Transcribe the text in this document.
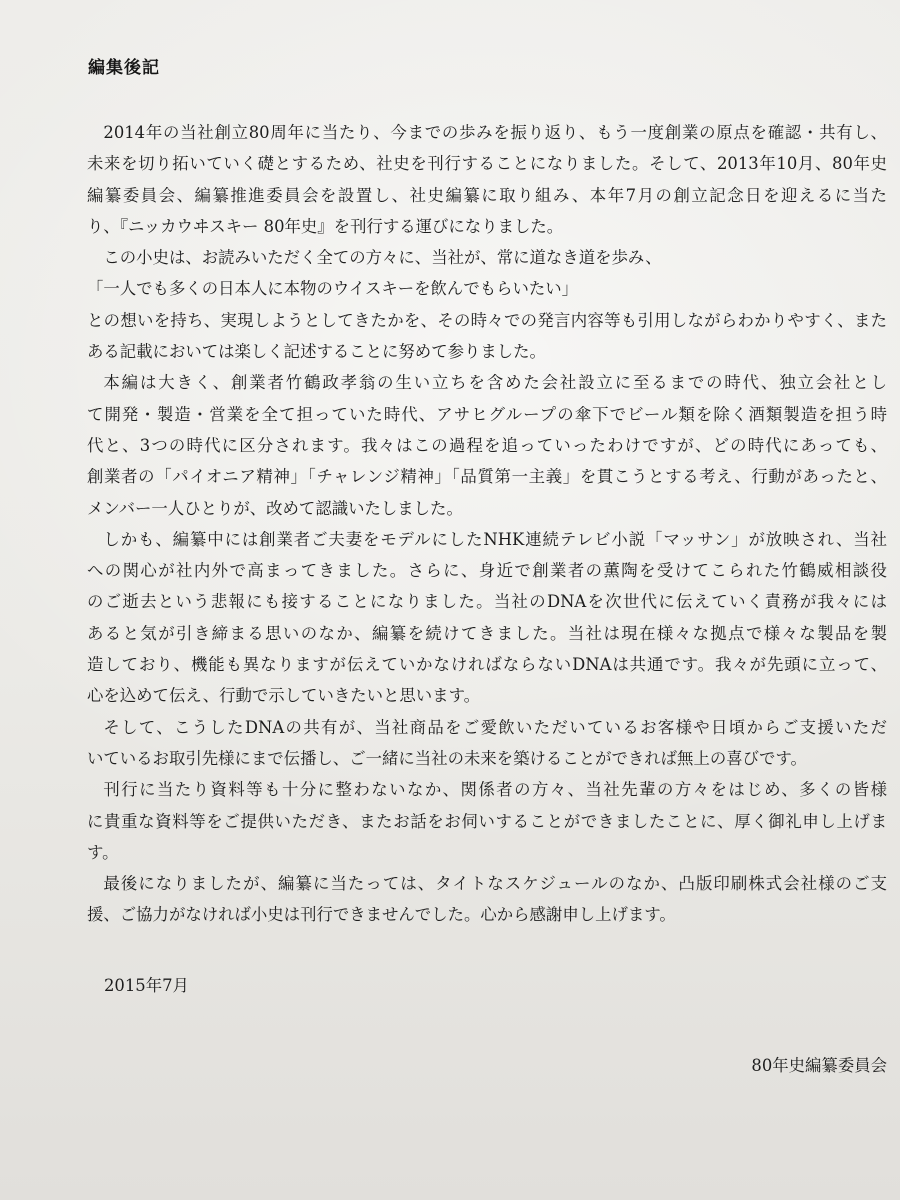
編集後記
2014年の当社創立80周年に当たり、今までの歩みを振り返り、もう一度創業の原点を確認・共有し、
未来を切り拓いていく礎とするため、社史を刊行することになりました。そして、2013年10月、80年史
編纂委員会、編纂推進委員会を設置し、社史編纂に取り組み、本年7月の創立記念日を迎えるに当た
り、『ニッカウヰスキー 80年史』を刊行する運びになりました。
この小史は、お読みいただく全ての方々に、当社が、常に道なき道を歩み、
「一人でも多くの日本人に本物のウイスキーを飲んでもらいたい」
との想いを持ち、実現しようとしてきたかを、その時々での発言内容等も引用しながらわかりやすく、また
ある記載においては楽しく記述することに努めて参りました。
本編は大きく、創業者竹鶴政孝翁の生い立ちを含めた会社設立に至るまでの時代、独立会社とし
て開発・製造・営業を全て担っていた時代、アサヒグループの傘下でビール類を除く酒類製造を担う時
代と、3つの時代に区分されます。我々はこの過程を追っていったわけですが、どの時代にあっても、
創業者の「パイオニア精神」「チャレンジ精神」「品質第一主義」を貫こうとする考え、行動があったと、
メンバー一人ひとりが、改めて認識いたしました。
しかも、編纂中には創業者ご夫妻をモデルにしたNHK連続テレビ小説「マッサン」が放映され、当社
への関心が社内外で高まってきました。さらに、身近で創業者の薫陶を受けてこられた竹鶴威相談役
のご逝去という悲報にも接することになりました。当社のDNAを次世代に伝えていく責務が我々には
あると気が引き締まる思いのなか、編纂を続けてきました。当社は現在様々な拠点で様々な製品を製
造しており、機能も異なりますが伝えていかなければならないDNAは共通です。我々が先頭に立って、
心を込めて伝え、行動で示していきたいと思います。
そして、こうしたDNAの共有が、当社商品をご愛飲いただいているお客様や日頃からご支援いただ
いているお取引先様にまで伝播し、ご一緒に当社の未来を築けることができれば無上の喜びです。
刊行に当たり資料等も十分に整わないなか、関係者の方々、当社先輩の方々をはじめ、多くの皆様
に貴重な資料等をご提供いただき、またお話をお伺いすることができましたことに、厚く御礼申し上げま
す。
最後になりましたが、編纂に当たっては、タイトなスケジュールのなか、凸版印刷株式会社様のご支
援、ご協力がなければ小史は刊行できませんでした。心から感謝申し上げます。
2015年7月
80年史編纂委員会
